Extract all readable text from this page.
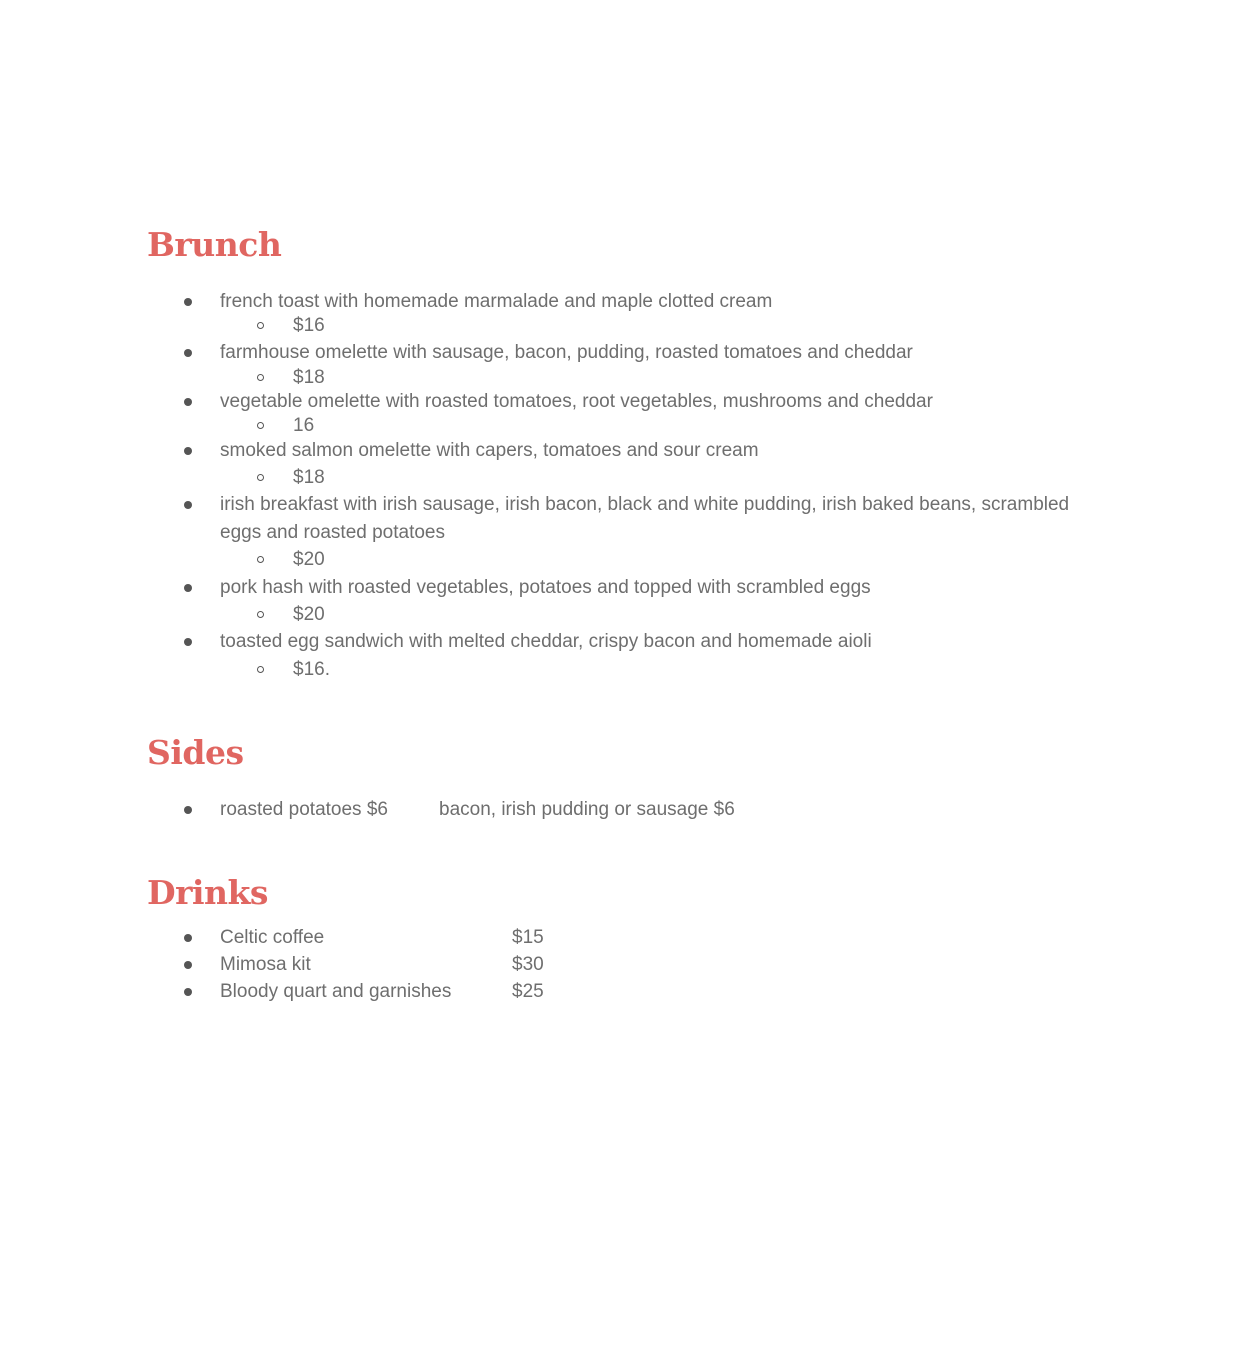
Brunch
french toast with homemade marmalade and maple clotted cream
$16
farmhouse omelette with sausage, bacon, pudding, roasted tomatoes and cheddar
$18
vegetable omelette with roasted tomatoes, root vegetables, mushrooms and cheddar
16
smoked salmon omelette with capers, tomatoes and sour cream
$18
irish breakfast with irish sausage, irish bacon, black and white pudding, irish baked beans, scrambled eggs and roasted potatoes
$20
pork hash with roasted vegetables, potatoes and topped with scrambled eggs
$20
toasted egg sandwich with melted cheddar, crispy bacon and homemade aioli
$16.
Sides
roasted potatoes $6	bacon, irish pudding or sausage $6
Drinks
Celtic coffee	$15
Mimosa kit	$30
Bloody quart and garnishes	$25
